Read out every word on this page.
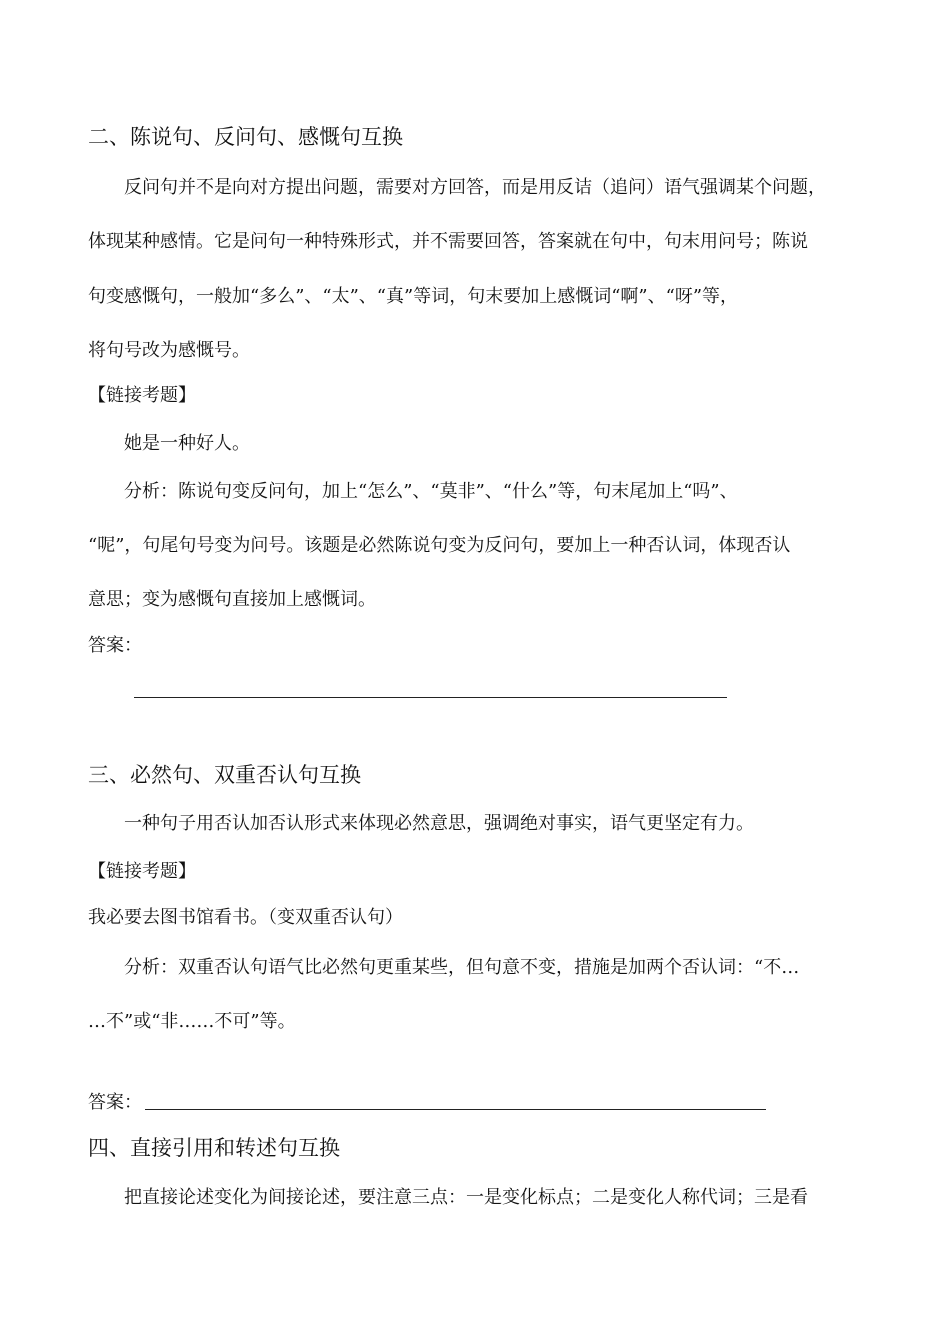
二、陈说句、反问句、感慨句互换
反问句并不是向对方提出问题，需要对方回答，而是用反诘（追问）语气强调某个问题，
体现某种感情。它是问句一种特殊形式，并不需要回答，答案就在句中，句末用问号；陈说
句变感慨句，一般加“多么”、“太”、“真”等词，句末要加上感慨词“啊”、“呀”等，
将句号改为感慨号。
【链接考题】
她是一种好人。
分析：陈说句变反问句，加上“怎么”、“莫非”、“什么”等，句末尾加上“吗”、
“呢”，句尾句号变为问号。该题是必然陈说句变为反问句，要加上一种否认词，体现否认
意思；变为感慨句直接加上感慨词。
答案：
三、必然句、双重否认句互换
一种句子用否认加否认形式来体现必然意思，强调绝对事实，语气更坚定有力。
【链接考题】
我必要去图书馆看书。（变双重否认句）
分析：双重否认句语气比必然句更重某些，但句意不变，措施是加两个否认词：“不…
…不”或“非……不可”等。
答案：
四、直接引用和转述句互换
把直接论述变化为间接论述，要注意三点：一是变化标点；二是变化人称代词；三是看
